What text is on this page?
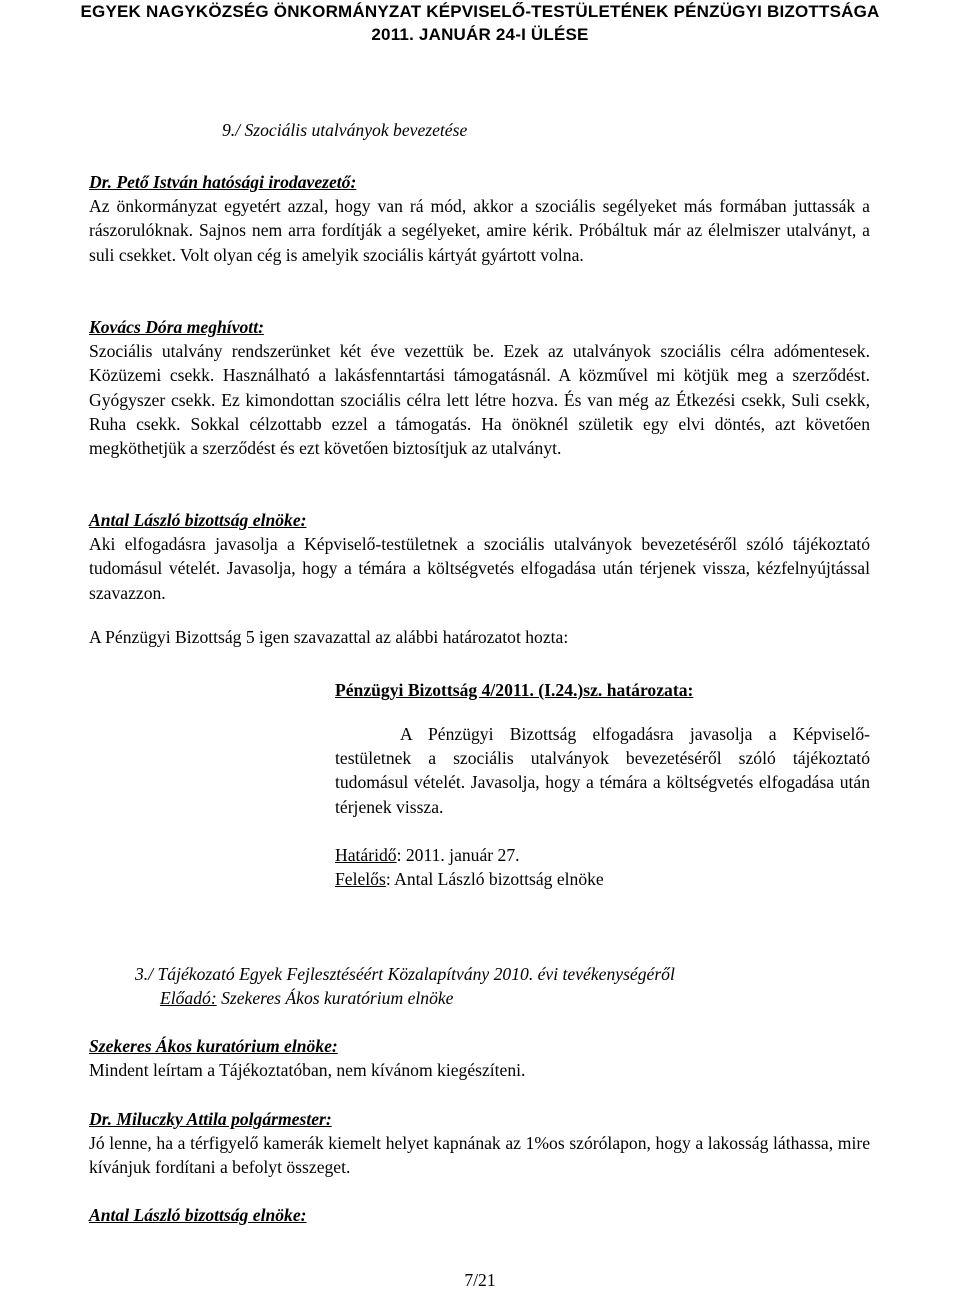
EGYEK NAGYKÖZSÉG ÖNKORMÁNYZAT KÉPVISELŐ-TESTÜLETÉNEK PÉNZÜGYI BIZOTTSÁGA
2011. JANUÁR 24-I ÜLÉSE
9./ Szociális utalványok bevezetése
Dr. Pető István hatósági irodavezető:

Az önkormányzat egyetért azzal, hogy van rá mód, akkor a szociális segélyeket más formában juttassák a rászorulóknak. Sajnos nem arra fordítják a segélyeket, amire kérik. Próbáltuk már az élelmiszer utalványt, a suli csekket. Volt olyan cég is amelyik szociális kártyát gyártott volna.

Kovács Dóra meghívott:

Szociális utalvány rendszerünket két éve vezettük be. Ezek az utalványok szociális célra adómentesek. Közüzemi csekk. Használható a lakásfenntartási támogatásnál. A közművel mi kötjük meg a szerződést. Gyógyszer csekk. Ez kimondottan szociális célra lett létre hozva. És van még az Étkezési csekk, Suli csekk, Ruha csekk. Sokkal célzottabb ezzel a támogatás. Ha önöknél születik egy elvi döntés, azt követően megköthetjük a szerződést és ezt követően biztosítjuk az utalványt.

Antal László bizottság elnöke:

Aki elfogadásra javasolja a Képviselő-testületnek a szociális utalványok bevezetéséről szóló tájékoztató tudomásul vételét. Javasolja, hogy a témára a költségvetés elfogadása után térjenek vissza, kézfelnyújtással szavazzon.

A Pénzügyi Bizottság 5 igen szavazattal az alábbi határozatot hozta:
Pénzügyi Bizottság 4/2011. (I.24.)sz. határozata:

A Pénzügyi Bizottság elfogadásra javasolja a Képviselő-testületnek a szociális utalványok bevezetéséről szóló tájékoztató tudomásul vételét. Javasolja, hogy a témára a költségvetés elfogadása után térjenek vissza.

Határidő: 2011. január 27.
Felelős: Antal László bizottság elnöke
3./ Tájékozató Egyek Fejlesztéséért Közalapítvány 2010. évi tevékenységéről
Előadó: Szekeres Ákos kuratórium elnöke
Szekeres Ákos kuratórium elnöke:

Mindent leírtam a Tájékoztatóban, nem kívánom kiegészíteni.

Dr. Miluczky Attila polgármester:

Jó lenne, ha a térfigyelő kamerák kiemelt helyet kapnának az 1%os szórólapon, hogy a lakosság láthassa, mire kívánjuk fordítani a befolyt összeget.

Antal László bizottság elnöke:
7/21
